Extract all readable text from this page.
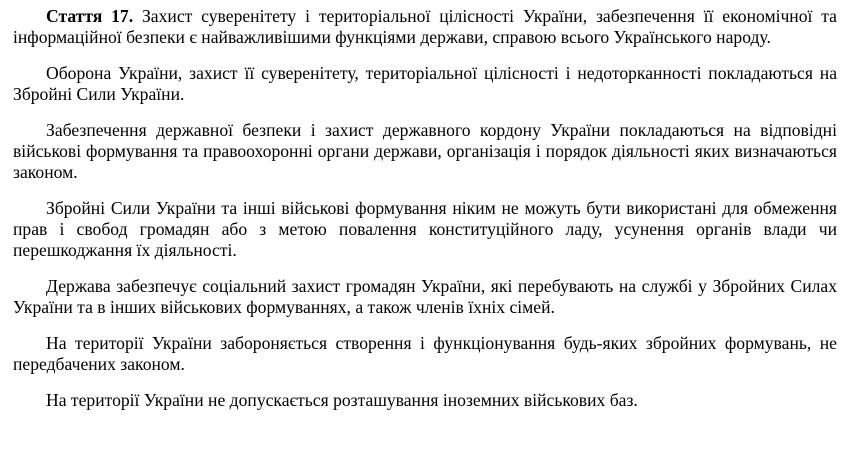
Стаття 17. Захист суверенітету і територіальної цілісності України, забезпечення її економічної та інформаційної безпеки є найважливішими функціями держави, справою всього Українського народу.

Оборона України, захист її суверенітету, територіальної цілісності і недоторканності покладаються на Збройні Сили України.

Забезпечення державної безпеки і захист державного кордону України покладаються на відповідні військові формування та правоохоронні органи держави, організація і порядок діяльності яких визначаються законом.

Збройні Сили України та інші військові формування ніким не можуть бути використані для обмеження прав і свобод громадян або з метою повалення конституційного ладу, усунення органів влади чи перешкоджання їх діяльності.

Держава забезпечує соціальний захист громадян України, які перебувають на службі у Збройних Силах України та в інших військових формуваннях, а також членів їхніх сімей.

На території України забороняється створення і функціонування будь-яких збройних формувань, не передбачених законом.

На території України не допускається розташування іноземних військових баз.
